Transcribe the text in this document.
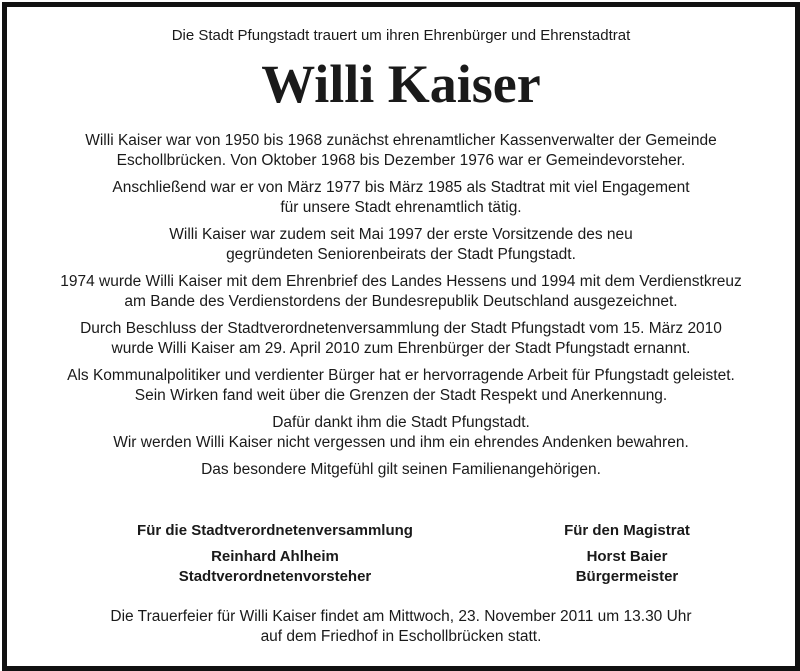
Die Stadt Pfungstadt trauert um ihren Ehrenbürger und Ehrenstadtrat
Willi Kaiser

Willi Kaiser war von 1950 bis 1968 zunächst ehrenamtlicher Kassenverwalter der Gemeinde
Eschollbrücken. Von Oktober 1968 bis Dezember 1976 war er Gemeindevorsteher.

Anschließend war er von März 1977 bis März 1985 als Stadtrat mit viel Engagement
für unsere Stadt ehrenamtlich tätig.

Willi Kaiser war zudem seit Mai 1997 der erste Vorsitzende des neu
gegründeten Seniorenbeirats der Stadt Pfungstadt.

1974 wurde Willi Kaiser mit dem Ehrenbrief des Landes Hessens und 1994 mit dem Verdienstkreuz
am Bande des Verdienstordens der Bundesrepublik Deutschland ausgezeichnet.

Durch Beschluss der Stadtverordnetenversammlung der Stadt Pfungstadt vom 15. März 2010
wurde Willi Kaiser am 29. April 2010 zum Ehrenbürger der Stadt Pfungstadt ernannt.

Als Kommunalpolitiker und verdienter Bürger hat er hervorragende Arbeit für Pfungstadt geleistet.
Sein Wirken fand weit über die Grenzen der Stadt Respekt und Anerkennung.

Dafür dankt ihm die Stadt Pfungstadt.
Wir werden Willi Kaiser nicht vergessen und ihm ein ehrendes Andenken bewahren.

Das besondere Mitgefühl gilt seinen Familienangehörigen.

Für die Stadtverordnetenversammlung
Reinhard Ahlheim
Stadtverordnetenvorsteher
Für den Magistrat
Horst Baier
Bürgermeister
Die Trauerfeier für Willi Kaiser findet am Mittwoch, 23. November 2011 um 13.30 Uhr
auf dem Friedhof in Eschollbrücken statt.
